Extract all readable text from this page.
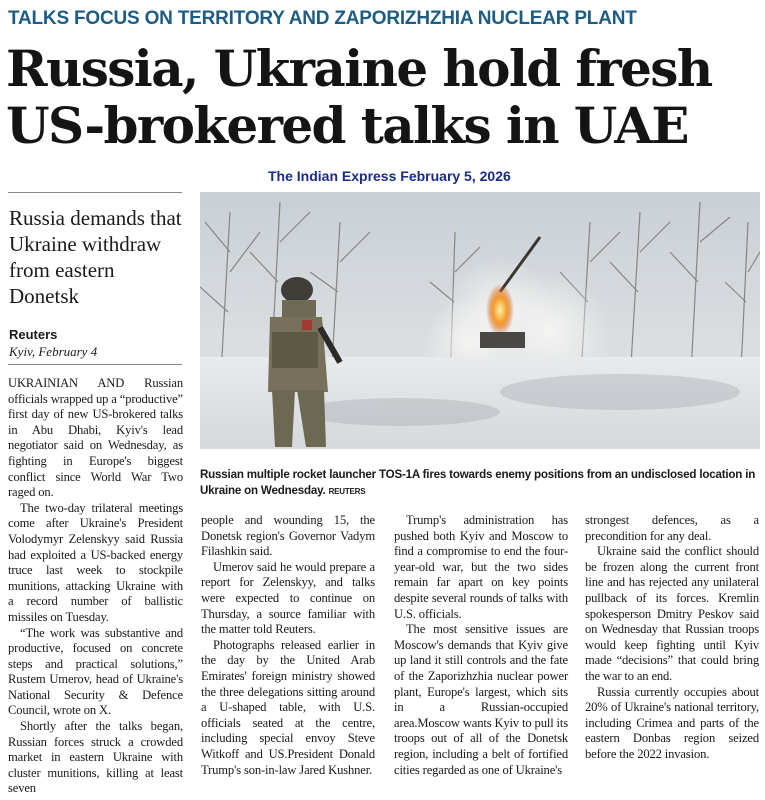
TALKS FOCUS ON TERRITORY AND ZAPORIZHZHIA NUCLEAR PLANT
Russia, Ukraine hold fresh
US-brokered talks in UAE
The Indian Express February 5, 2026
Russia demands that Ukraine withdraw from eastern Donetsk
Reuters
Kyiv, February 4

UKRAINIAN AND Russian officials wrapped up a “productive” first day of new US-brokered talks in Abu Dhabi, Kyiv's lead negotiator said on Wednesday, as fighting in Europe's biggest conflict since World War Two raged on.

The two-day trilateral meetings come after Ukraine's President Volodymyr Zelenskyy said Russia had exploited a US-backed energy truce last week to stockpile munitions, attacking Ukraine with a record number of ballistic missiles on Tuesday.

“The work was substantive and productive, focused on concrete steps and practical solutions,” Rustem Umerov, head of Ukraine's National Security & Defence Council, wrote on X.

Shortly after the talks began, Russian forces struck a crowded market in eastern Ukraine with cluster munitions, killing at least seven

Russian multiple rocket launcher TOS-1A fires towards enemy positions from an undisclosed location in Ukraine on Wednesday. REUTERS

people and wounding 15, the Donetsk region's Governor Vadym Filashkin said.

Umerov said he would prepare a report for Zelenskyy, and talks were expected to continue on Thursday, a source familiar with the matter told Reuters.

Photographs released earlier in the day by the United Arab Emirates' foreign ministry showed the three delegations sitting around a U-shaped table, with U.S. officials seated at the centre, including special envoy Steve Witkoff and US.President Donald Trump's son-in-law Jared Kushner.

Trump's administration has pushed both Kyiv and Moscow to find a compromise to end the four-year-old war, but the two sides remain far apart on key points despite several rounds of talks with U.S. officials.

The most sensitive issues are Moscow's demands that Kyiv give up land it still controls and the fate of the Zaporizhzhia nuclear power plant, Europe's largest, which sits in a Russian-occupied area.Moscow wants Kyiv to pull its troops out of all of the Donetsk region, including a belt of fortified cities regarded as one of Ukraine's

strongest defences, as a precondition for any deal.

Ukraine said the conflict should be frozen along the current front line and has rejected any unilateral pullback of its forces. Kremlin spokesperson Dmitry Peskov said on Wednesday that Russian troops would keep fighting until Kyiv made “decisions” that could bring the war to an end.

Russia currently occupies about 20% of Ukraine's national territory, including Crimea and parts of the eastern Donbas region seized before the 2022 invasion.
